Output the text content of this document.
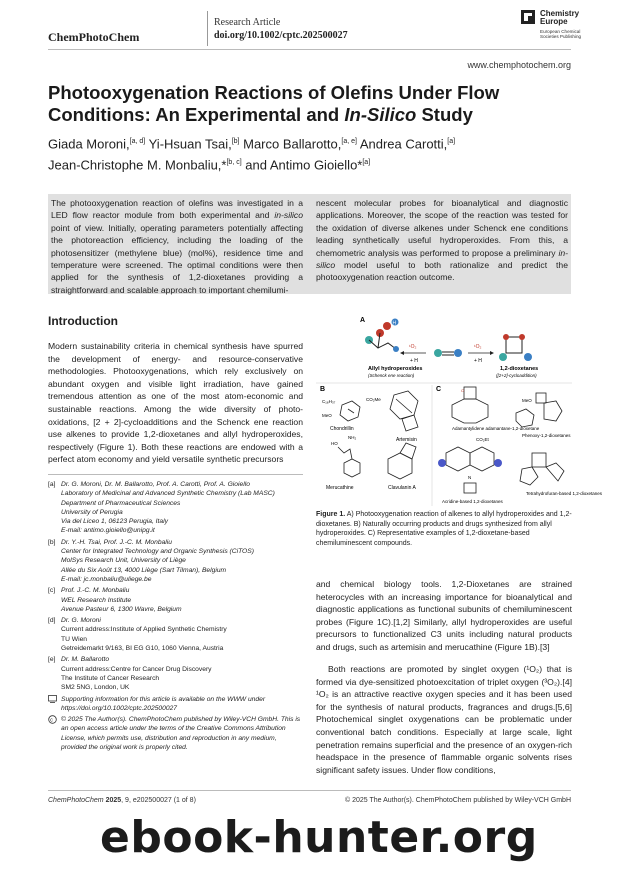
ChemPhotoChem
Research Article
doi.org/10.1002/cptc.202500027
Chemistry Europe
European Chemical Societies Publishing
www.chemphotochem.org
Photooxygenation Reactions of Olefins Under Flow Conditions: An Experimental and In-Silico Study
Giada Moroni,[a, d] Yi-Hsuan Tsai,[b] Marco Ballarotto,[a, e] Andrea Carotti,[a]
Jean-Christophe M. Monbaliu,*[b, c] and Antimo Gioiello*[a]
The photooxygenation reaction of olefins was investigated in a LED flow reactor module from both experimental and in-silico point of view. Initially, operating parameters potentially affecting the photoreaction efficiency, including the loading of the photosensitizer (methylene blue) (mol%), residence time and temperature were screened. The optimal conditions were then applied for the synthesis of 1,2-dioxetanes providing a straightforward and scalable approach to important chemilumi-
nescent molecular probes for bioanalytical and diagnostic applications. Moreover, the scope of the reaction was tested for the oxidation of diverse alkenes under Schenck ene conditions leading synthetically useful hydroperoxides. From this, a chemometric analysis was performed to propose a preliminary in-silico model useful to both rationalize and predict the photooxygenation reaction outcome.
Introduction
Modern sustainability criteria in chemical synthesis have spurred the development of energy- and resource-conservative methodologies. Photooxygenations, which rely exclusively on abundant oxygen and visible light irradiation, have gained tremendous attention as one of the most atom-economic and sustainable reactions. Among the wide diversity of photo-oxidations, [2 + 2]-cycloadditions and the Schenck ene reaction use alkenes to provide 1,2-dioxetanes and allyl hydroperoxides, respectively (Figure 1). Both these reactions are endowed with a perfect atom economy and yield versatile synthetic precursors
A	H
¹O₂
+ H
¹O₂
+ H
Allyl hydroperoxides
(Schenck ene reaction)
1,2-dioxetanes
([2+2]-cycloaddition)
B
C₁₈H₃₇
MeO
CO₂Me
Chondrillin
Artemisin
HO
NH₂
Merucathine	Clavulanin A
C	O
Adamantylidene adamantane-1,2-dioxetane
MeO
Phenoxy-1,2-dioxetanes
CO₂Et
N
Acridine-based 1,2-dioxetanes
Tetrahydrofuran-based 1,2-dioxetanes
Figure 1. A) Photooxygenation reaction of alkenes to allyl hydroperoxides and 1,2-dioxetanes. B) Naturally occurring products and drugs synthesized from allyl hydroperoxides. C) Representative examples of 1,2-dioxetane-based chemiluminescent compounds.
[a] Dr. G. Moroni, Dr. M. Ballarotto, Prof. A. Carotti, Prof. A. Gioiello
Laboratory of Medicinal and Advanced Synthetic Chemistry (Lab MASC)
Department of Pharmaceutical Sciences
University of Perugia
Via del Liceo 1, 06123 Perugia, Italy
E-mail: antimo.gioiello@unipg.it
[b] Dr. Y.-H. Tsai, Prof. J.-C. M. Monbaliu
Center for Integrated Technology and Organic Synthesis (CiTOS)
MolSys Research Unit, University of Liège
Allée du Six Août 13, 4000 Liège (Sart Tilman), Belgium
E-mail: jc.monbaliu@uliege.be
[c] Prof. J.-C. M. Monbaliu
WEL Research Institute
Avenue Pasteur 6, 1300 Wavre, Belgium
[d] Dr. G. Moroni
Current address:Institute of Applied Synthetic Chemistry
TU Wien
Getreidemarkt 9/163, BI EG G10, 1060 Vienna, Austria
[e] Dr. M. Ballarotto
Current address:Centre for Cancer Drug Discovery
The Institute of Cancer Research
SM2 5NG, London, UK
Supporting information for this article is available on the WWW under https://doi.org/10.1002/cptc.202500027
c © 2025 The Author(s). ChemPhotoChem published by Wiley-VCH GmbH. This is an open access article under the terms of the Creative Commons Attribution License, which permits use, distribution and reproduction in any medium, provided the original work is properly cited.
and chemical biology tools. 1,2-Dioxetanes are strained heterocycles with an increasing importance for bioanalytical and diagnostic applications as functional subunits of chemiluminescent probes (Figure 1C).[1,2] Similarly, allyl hydroperoxides are useful precursors to functionalized C3 units including natural products and drugs, such as artemisin and merucathine (Figure 1B).[3]
Both reactions are promoted by singlet oxygen (¹O₂) that is formed via dye-sensitized photoexcitation of triplet oxygen (³O₂).[4] ¹O₂ is an attractive reactive oxygen species and it has been used for the synthesis of natural products, fragrances and drugs.[5,6] Photochemical singlet oxygenations can be problematic under conventional batch conditions. Especially at large scale, light penetration remains superficial and the presence of an oxygen-rich headspace in the presence of flammable organic solvents rises significant safety issues. Under flow conditions,
ChemPhotoChem 2025, 9, e202500027 (1 of 8)	© 2025 The Author(s). ChemPhotoChem published by Wiley-VCH GmbH
ebook-hunter.org
